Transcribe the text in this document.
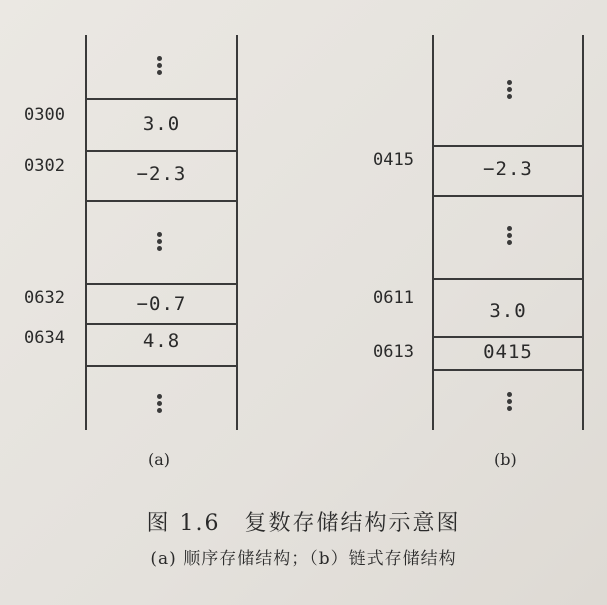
3.0
−2.3
−0.7
4.8
0300
0302
0632
0634
(a)
−2.3
3.0
0415
0415
0611
0613
(b)
图 1.6　复数存储结构示意图
(a) 顺序存储结构；（b）链式存储结构
